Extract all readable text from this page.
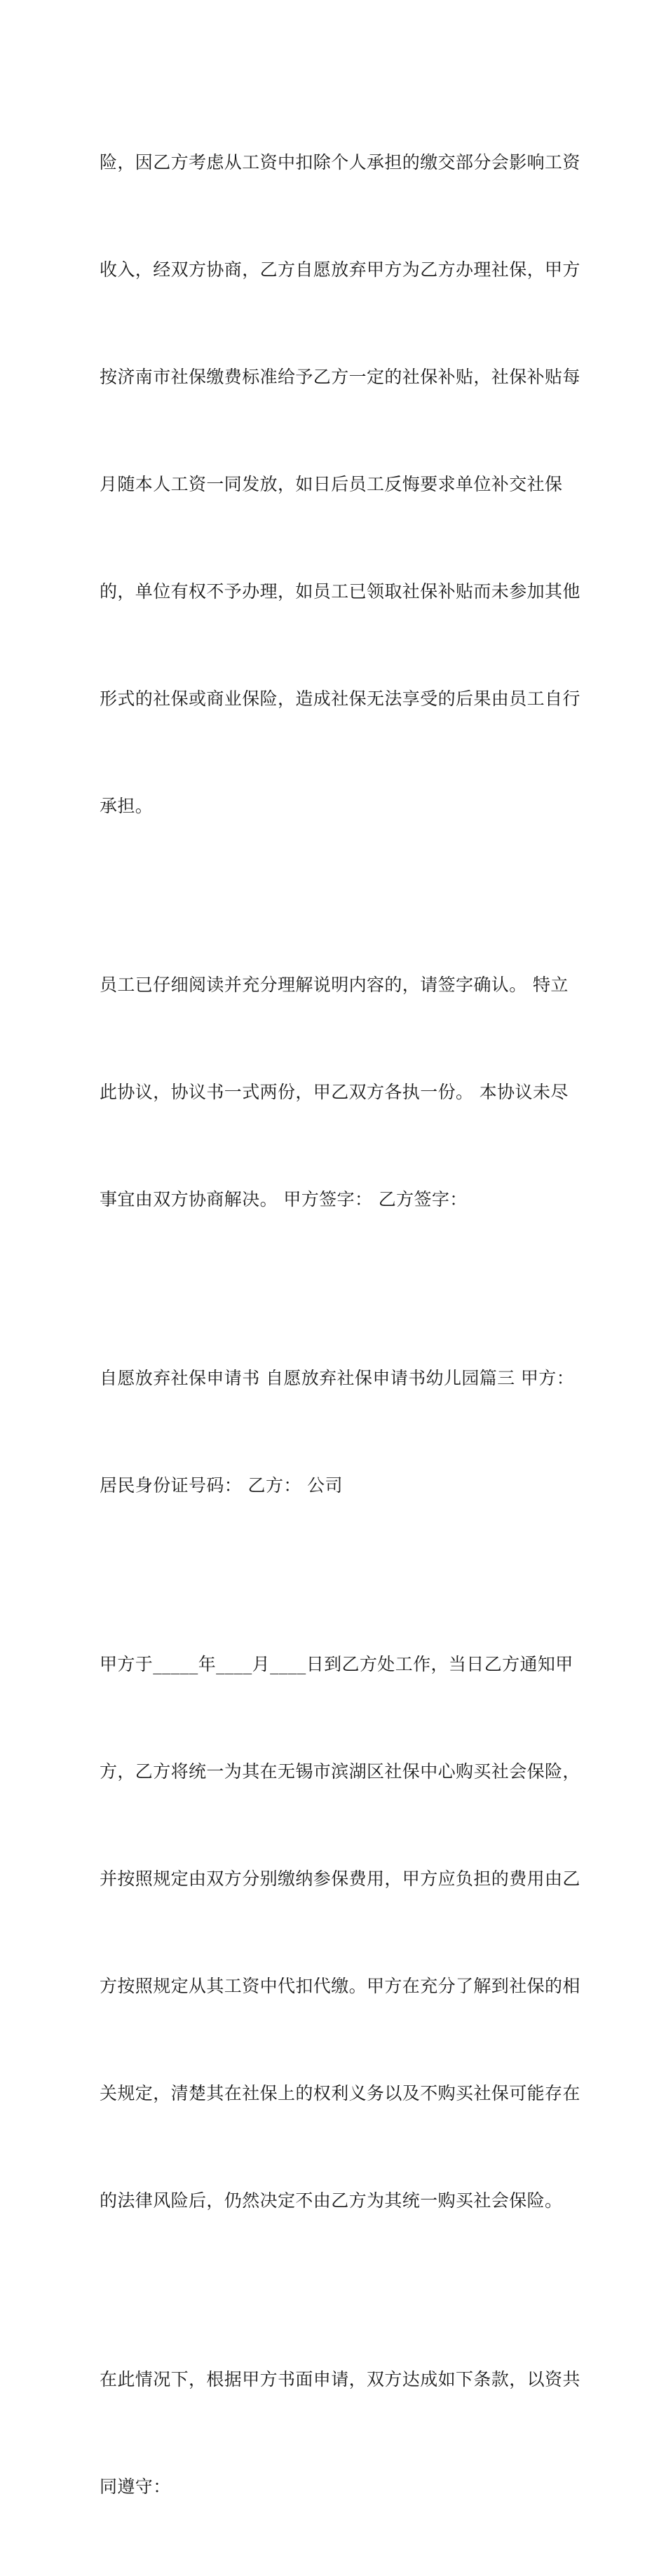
险，因乙方考虑从工资中扣除个人承担的缴交部分会影响工资

收入，经双方协商，乙方自愿放弃甲方为乙方办理社保，甲方

按济南市社保缴费标准给予乙方一定的社保补贴，社保补贴每

月随本人工资一同发放，如日后员工反悔要求单位补交社保

的，单位有权不予办理，如员工已领取社保补贴而未参加其他

形式的社保或商业保险，造成社保无法享受的后果由员工自行

承担。

员工已仔细阅读并充分理解说明内容的，请签字确认。 特立

此协议，协议书一式两份，甲乙双方各执一份。 本协议未尽

事宜由双方协商解决。 甲方签字： 乙方签字：

自愿放弃社保申请书 自愿放弃社保申请书幼儿园篇三 甲方：

居民身份证号码： 乙方： 公司

甲方于_____年____月____日到乙方处工作，当日乙方通知甲

方，乙方将统一为其在无锡市滨湖区社保中心购买社会保险，

并按照规定由双方分别缴纳参保费用，甲方应负担的费用由乙

方按照规定从其工资中代扣代缴。甲方在充分了解到社保的相

关规定，清楚其在社保上的权利义务以及不购买社保可能存在

的法律风险后，仍然决定不由乙方为其统一购买社会保险。

在此情况下，根据甲方书面申请，双方达成如下条款，以资共

同遵守：
